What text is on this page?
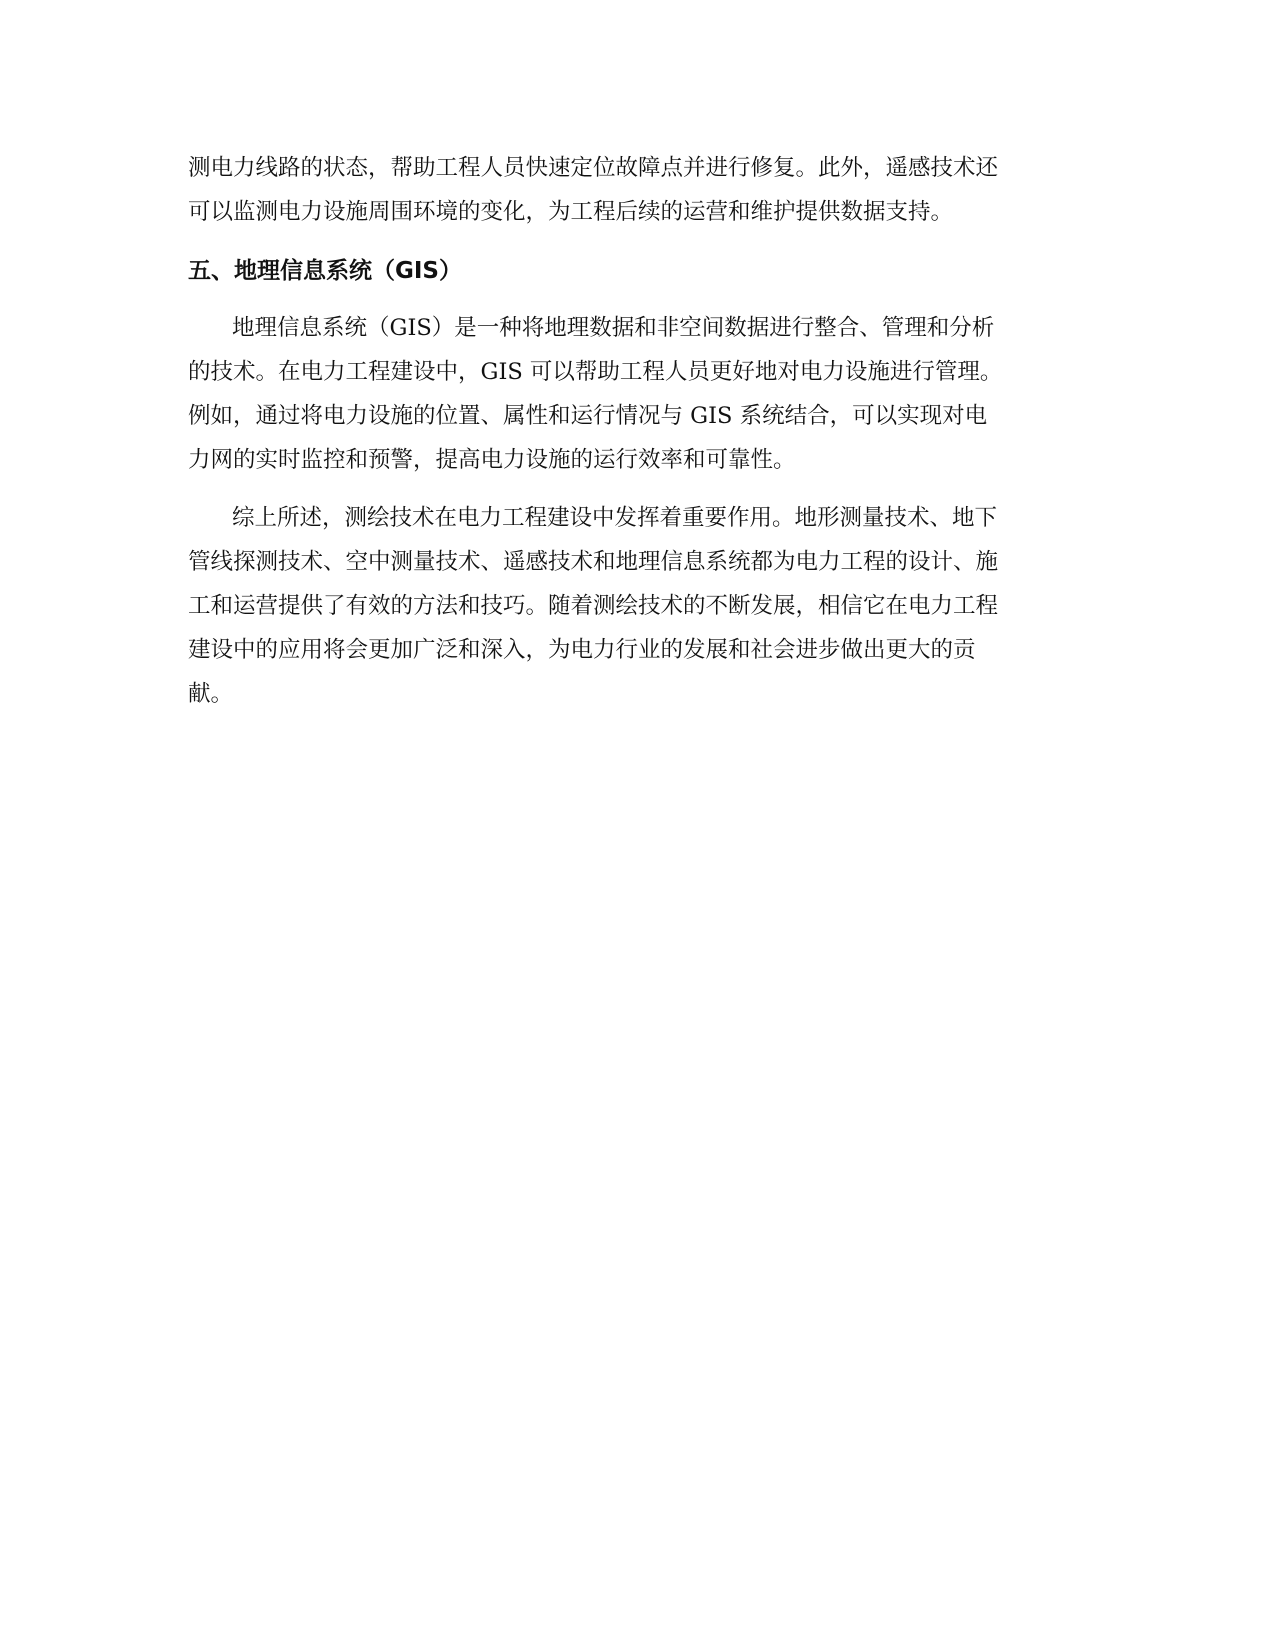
测电力线路的状态，帮助工程人员快速定位故障点并进行修复。此外，遥感技术还
可以监测电力设施周围环境的变化，为工程后续的运营和维护提供数据支持。
五、地理信息系统（GIS）
地理信息系统（GIS）是一种将地理数据和非空间数据进行整合、管理和分析
的技术。在电力工程建设中，GIS 可以帮助工程人员更好地对电力设施进行管理。
例如，通过将电力设施的位置、属性和运行情况与 GIS 系统结合，可以实现对电
力网的实时监控和预警，提高电力设施的运行效率和可靠性。
综上所述，测绘技术在电力工程建设中发挥着重要作用。地形测量技术、地下
管线探测技术、空中测量技术、遥感技术和地理信息系统都为电力工程的设计、施
工和运营提供了有效的方法和技巧。随着测绘技术的不断发展，相信它在电力工程
建设中的应用将会更加广泛和深入，为电力行业的发展和社会进步做出更大的贡
献。
